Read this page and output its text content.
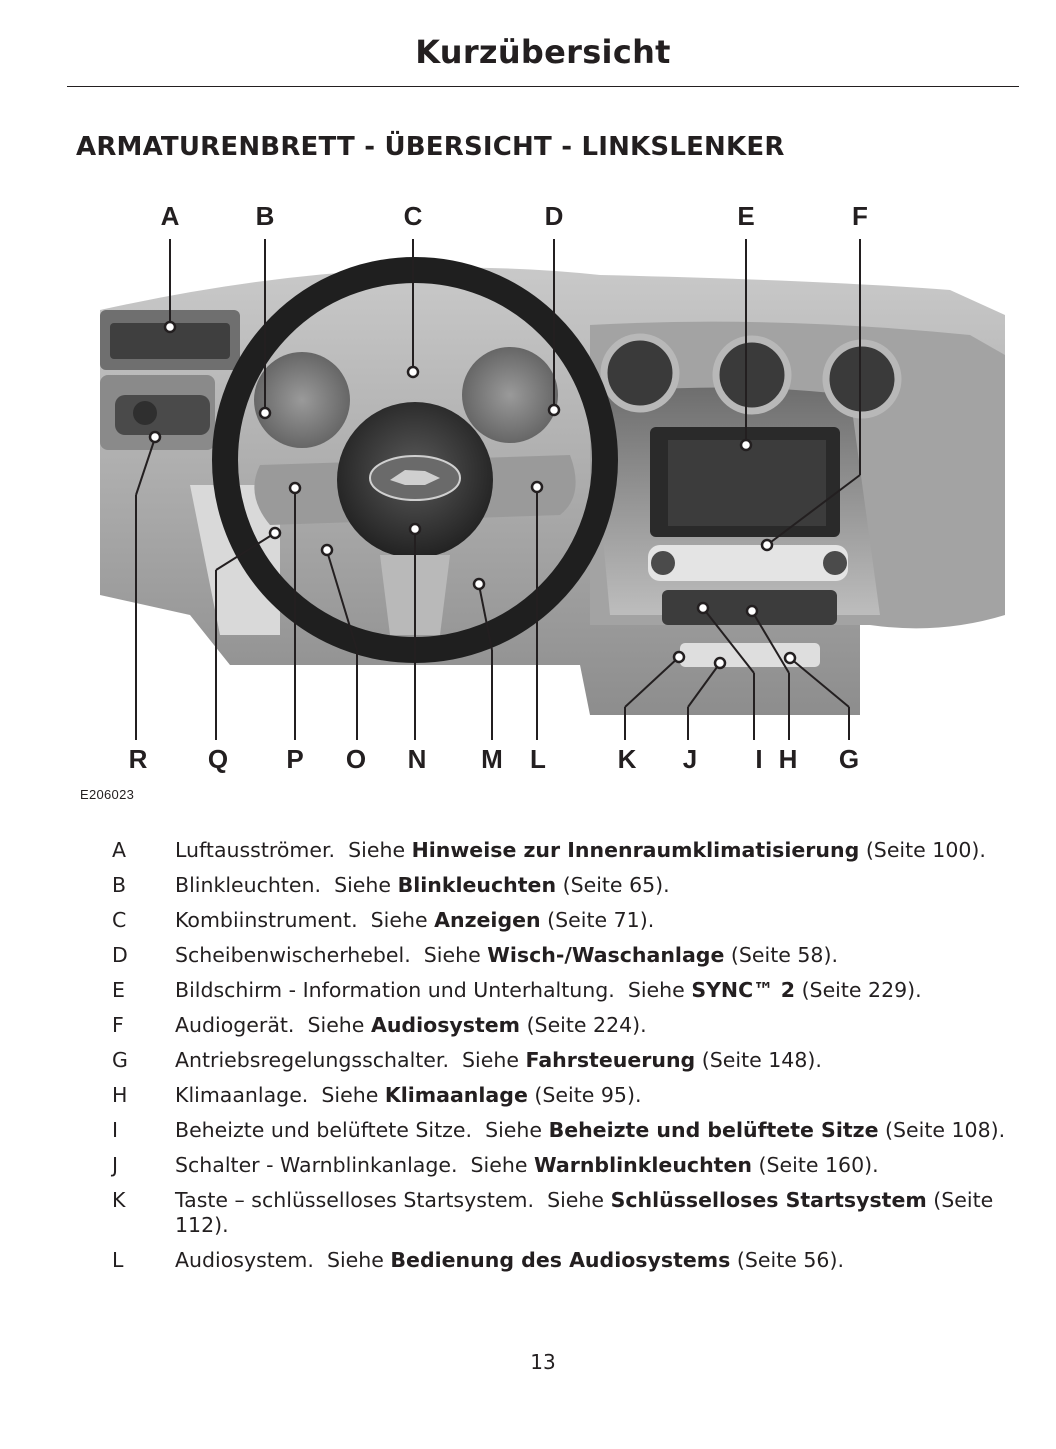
Kurzübersicht
ARMATURENBRETT - ÜBERSICHT - LINKSLENKER
A	B	C	D	E	F
R Q P O N M L	K J I H G
E206023
A	Luftausströmer. Siehe Hinweise zur Innenraumklimatisierung (Seite 100).
B	Blinkleuchten. Siehe Blinkleuchten (Seite 65).
C	Kombiinstrument. Siehe Anzeigen (Seite 71).
D	Scheibenwischerhebel. Siehe Wisch-/Waschanlage (Seite 58).
E	Bildschirm - Information und Unterhaltung. Siehe SYNC™ 2 (Seite 229).
F	Audiogerät. Siehe Audiosystem (Seite 224).
G	Antriebsregelungsschalter. Siehe Fahrsteuerung (Seite 148).
H	Klimaanlage. Siehe Klimaanlage (Seite 95).
I	Beheizte und belüftete Sitze. Siehe Beheizte und belüftete Sitze (Seite 108).
J	Schalter - Warnblinkanlage. Siehe Warnblinkleuchten (Seite 160).
K	Taste – schlüsselloses Startsystem. Siehe Schlüsselloses Startsystem (Seite 112).
L	Audiosystem. Siehe Bedienung des Audiosystems (Seite 56).
13
